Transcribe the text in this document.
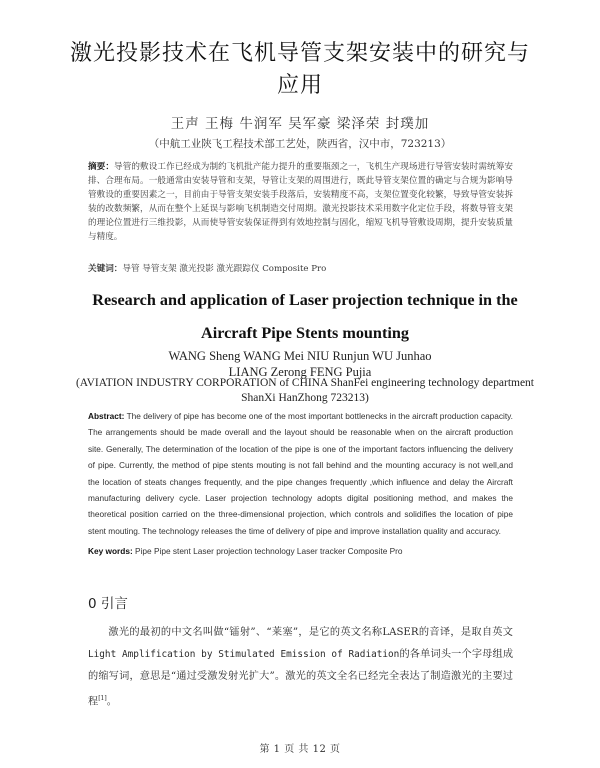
激光投影技术在飞机导管支架安装中的研究与应用
王声 王梅 牛润军 吴军豪 梁泽荣 封璞加
（中航工业陕飞工程技术部工艺处，陕西省，汉中市，723213）
摘要：导管的敷设工作已经成为制约飞机批产能力提升的重要瓶颈之一，飞机生产现场进行导管安装时需统筹安排、合理布局。一般通常由安装导管和支架，导管让支架的周围进行，既此导管支架位置的确定与合规为影响导管敷设的重要因素之一，目前由于导管支架安装手段落后，安装精度不高，支架位置变化较繁，导致导管安装拆装的改数频繁，从而在整个上延误与影响飞机制造交付周期。激光投影技术采用数字化定位手段，将数导管支架的理论位置进行三维投影，从而使导管安装保证得到有效地控制与固化，缩短飞机导管敷设周期，提升安装质量与精度。
关键词：导管 导管支架 激光投影 激光跟踪仪 Composite Pro
Research and application of Laser projection technique in the Aircraft Pipe Stents mounting
WANG Sheng WANG Mei NIU Runjun WU Junhao
LIANG Zerong FENG Pujia
(AVIATION INDUSTRY CORPORATION of CHINA ShanFei engineering technology department ShanXi HanZhong 723213)
Abstract: The delivery of pipe has become one of the most important bottlenecks in the aircraft production capacity. The arrangements should be made overall and the layout should be reasonable when on the aircraft production site. Generally, The determination of the location of the pipe is one of the important factors influencing the delivery of pipe. Currently, the method of pipe stents mouting is not fall behind and the mounting accuracy is not well,and the location of steats changes frequently, and the pipe changes frequently ,which influence and delay the Aircraft manufacturing delivery cycle. Laser projection technology adopts digital positioning method, and makes the theoretical position carried on the three-dimensional projection, which controls and solidifies the location of pipe stent mouting. The technology releases the time of delivery of pipe and improve installation quality and accuracy.
Key words: Pipe Pipe stent Laser projection technology Laser tracker Composite Pro
0 引言
激光的最初的中文名叫做“镭射”、“莱塞”，是它的英文名称LASER的音译，是取自英文Light Amplification by Stimulated Emission of Radiation的各单词头一个字母组成的缩写词，意思是“通过受激发射光扩大”。激光的英文全名已经完全表达了制造激光的主要过程[1]。
第 1 页 共 12 页
